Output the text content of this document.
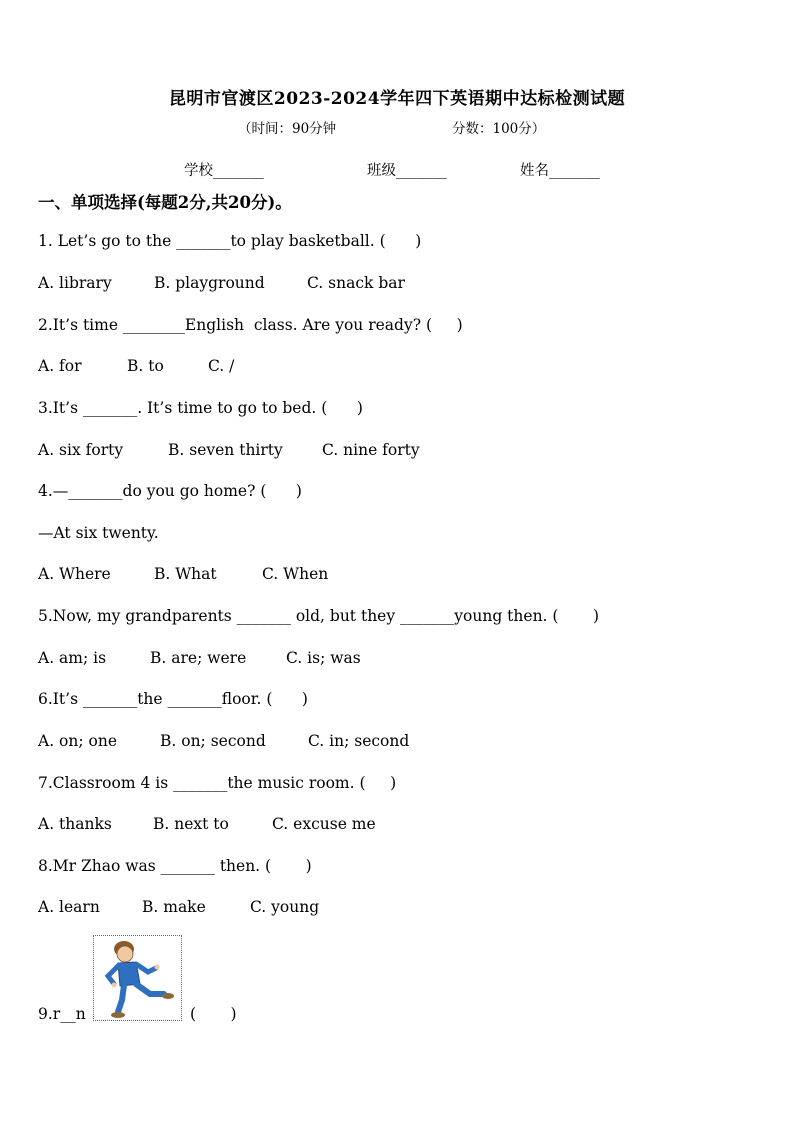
昆明市官渡区2023-2024学年四下英语期中达标检测试题
（时间：90分钟	分数：100分）
学校_______	班级_______	姓名_______
一、单项选择(每题2分,共20分)。
1. Let’s go to the _______to play basketball. (      )

A. library

	B. playground

	C. snack bar

2.It’s time ________English  class. Are you ready? (     )

A. for

	B. to

	C. /

3.It’s _______. It’s time to go to bed. (      )

A. six forty

	B. seven thirty

	C. nine forty

4.—_______do you go home? (      )
—At six twenty.

A. Where

	B. What

	C. When

5.Now, my grandparents _______ old, but they _______young then. (       )

A. am; is

	B. are; were

	C. is; was

6.It’s _______the _______floor. (      )

A. on; one

	B. on; second

	C. in; second

7.Classroom 4 is _______the music room. (     )

A. thanks

	B. next to

	C. excuse me

8.Mr Zhao was _______ then. (       )

A. learn

	B. make

	C. young

9.r__n	(       )
